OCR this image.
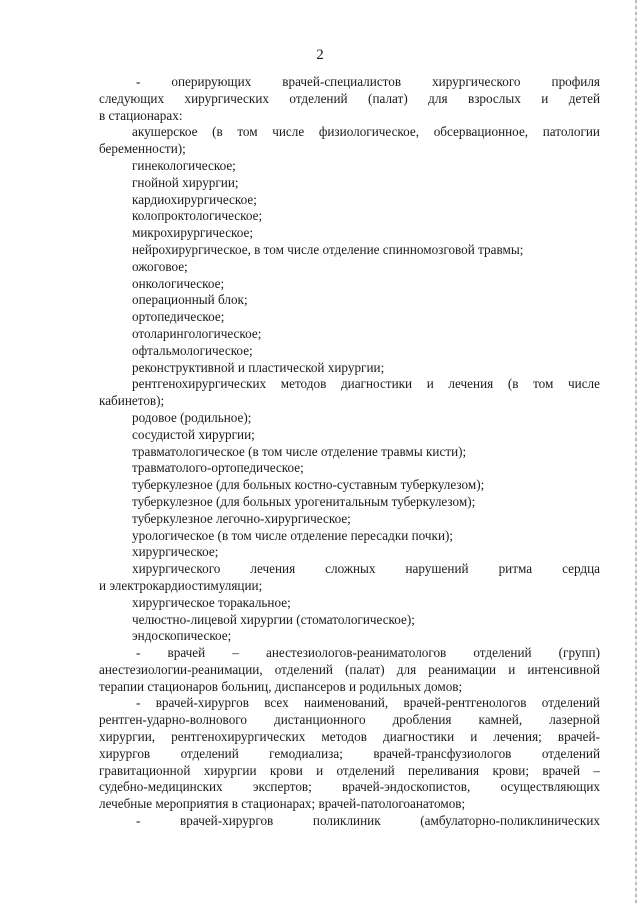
2

- оперирующих врачей-специалистов хирургического профиля

следующих хирургических отделений (палат) для взрослых и детей

в стационарах:

акушерское (в том числе физиологическое, обсервационное, патологии

беременности);

гинекологическое;

гнойной хирургии;

кардиохирургическое;

колопроктологическое;

микрохирургическое;

нейрохирургическое, в том числе отделение спинномозговой травмы;

ожоговое;

онкологическое;

операционный блок;

ортопедическое;

отоларингологическое;

офтальмологическое;

реконструктивной и пластической хирургии;

рентгенохирургических методов диагностики и лечения (в том числе

кабинетов);

родовое (родильное);

сосудистой хирургии;

травматологическое (в том числе отделение травмы кисти);

травматолого-ортопедическое;

туберкулезное (для больных костно-суставным туберкулезом);

туберкулезное (для больных урогенитальным туберкулезом);

туберкулезное легочно-хирургическое;

урологическое (в том числе отделение пересадки почки);

хирургическое;

хирургического лечения сложных нарушений ритма сердца

и электрокардиостимуляции;

хирургическое торакальное;

челюстно-лицевой хирургии (стоматологическое);

эндоскопическое;

- врачей – анестезиологов-реаниматологов отделений (групп)

анестезиологии-реанимации, отделений (палат) для реанимации и интенсивной

терапии стационаров больниц, диспансеров и родильных домов;

- врачей-хирургов всех наименований, врачей-рентгенологов отделений

рентген-ударно-волнового дистанционного дробления камней, лазерной

хирургии, рентгенохирургических методов диагностики и лечения; врачей-

хирургов отделений гемодиализа; врачей-трансфузиологов отделений

гравитационной хирургии крови и отделений переливания крови; врачей –

судебно-медицинских экспертов; врачей-эндоскопистов, осуществляющих

лечебные мероприятия в стационарах; врачей-патологоанатомов;

- врачей-хирургов поликлиник (амбулаторно-поликлинических
